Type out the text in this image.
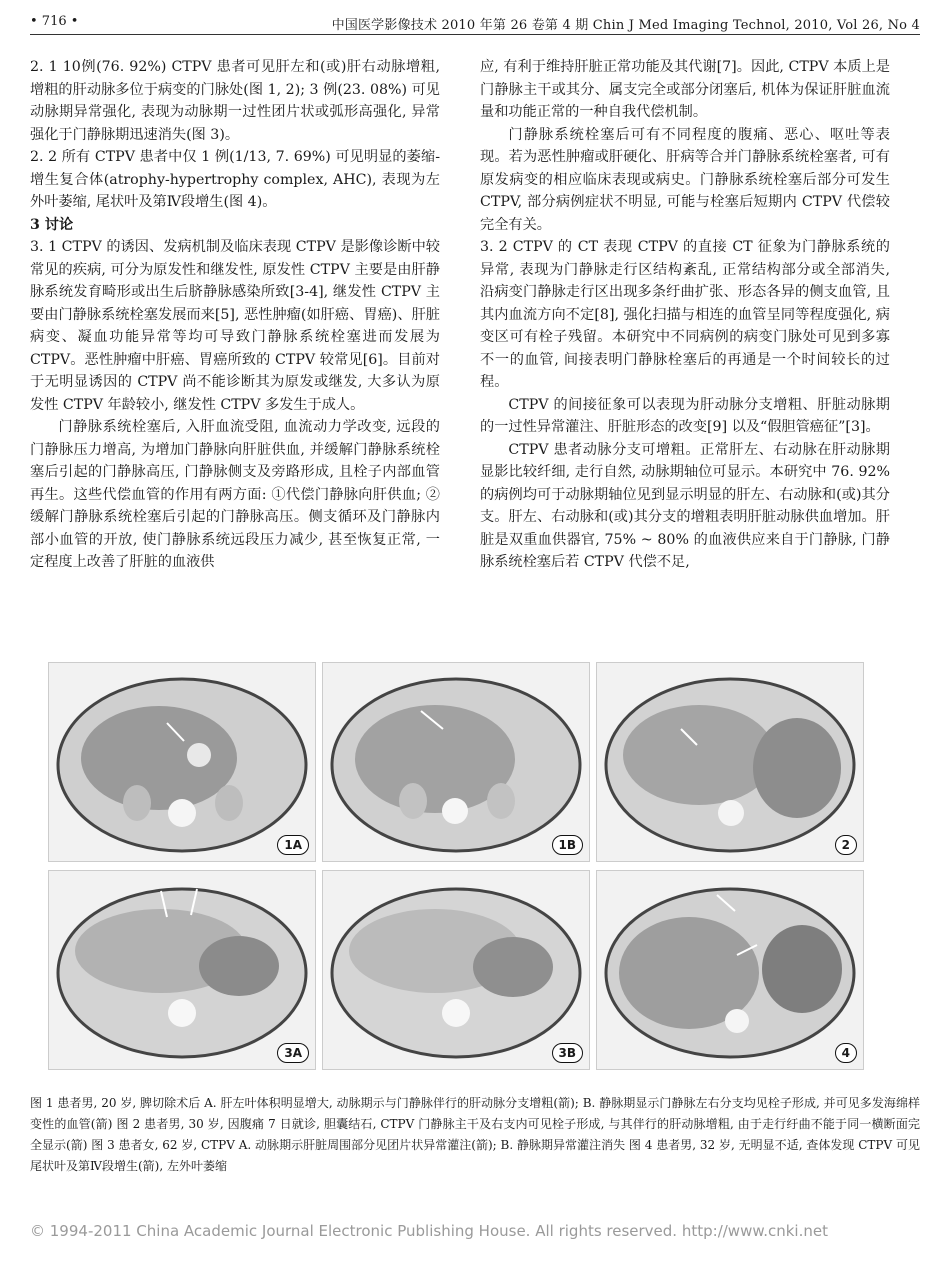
• 716 •	中国医学影像技术 2010 年第 26 卷第 4 期 Chin J Med Imaging Technol, 2010, Vol 26, No 4

2. 1 10例(76. 92%) CTPV 患者可见肝左和(或)肝右动脉增粗, 增粗的肝动脉多位于病变的门脉处(图 1, 2); 3 例(23. 08%) 可见动脉期异常强化, 表现为动脉期一过性团片状或弧形高强化, 异常强化于门静脉期迅速消失(图 3)。

2. 2 所有 CTPV 患者中仅 1 例(1/13, 7. 69%) 可见明显的萎缩-增生复合体(atrophy-hypertrophy complex, AHC), 表现为左外叶萎缩, 尾状叶及第Ⅳ段增生(图 4)。

3 讨论

3. 1 CTPV 的诱因、发病机制及临床表现 CTPV 是影像诊断中较常见的疾病, 可分为原发性和继发性, 原发性 CTPV 主要是由肝静脉系统发育畸形或出生后脐静脉感染所致[3-4], 继发性 CTPV 主要由门静脉系统栓塞发展而来[5], 恶性肿瘤(如肝癌、胃癌)、肝脏病变、凝血功能异常等均可导致门静脉系统栓塞进而发展为 CTPV。恶性肿瘤中肝癌、胃癌所致的 CTPV 较常见[6]。目前对于无明显诱因的 CTPV 尚不能诊断其为原发或继发, 大多认为原发性 CTPV 年龄较小, 继发性 CTPV 多发生于成人。

门静脉系统栓塞后, 入肝血流受阻, 血流动力学改变, 远段的门静脉压力增高, 为增加门静脉向肝脏供血, 并缓解门静脉系统栓塞后引起的门静脉高压, 门静脉侧支及旁路形成, 且栓子内部血管再生。这些代偿血管的作用有两方面: ①代偿门静脉向肝供血; ②缓解门静脉系统栓塞后引起的门静脉高压。侧支循环及门静脉内部小血管的开放, 使门静脉系统远段压力减少, 甚至恢复正常, 一定程度上改善了肝脏的血液供

应, 有利于维持肝脏正常功能及其代谢[7]。因此, CTPV 本质上是门静脉主干或其分、属支完全或部分闭塞后, 机体为保证肝脏血流量和功能正常的一种自我代偿机制。

门静脉系统栓塞后可有不同程度的腹痛、恶心、呕吐等表现。若为恶性肿瘤或肝硬化、肝病等合并门静脉系统栓塞者, 可有原发病变的相应临床表现或病史。门静脉系统栓塞后部分可发生 CTPV, 部分病例症状不明显, 可能与栓塞后短期内 CTPV 代偿较完全有关。

3. 2 CTPV 的 CT 表现 CTPV 的直接 CT 征象为门静脉系统的异常, 表现为门静脉走行区结构紊乱, 正常结构部分或全部消失, 沿病变门静脉走行区出现多条纡曲扩张、形态各异的侧支血管, 且其内血流方向不定[8], 强化扫描与相连的血管呈同等程度强化, 病变区可有栓子残留。本研究中不同病例的病变门脉处可见到多寡不一的血管, 间接表明门静脉栓塞后的再通是一个时间较长的过程。

CTPV 的间接征象可以表现为肝动脉分支增粗、肝脏动脉期的一过性异常灌注、肝脏形态的改变[9] 以及“假胆管癌征”[3]。

CTPV 患者动脉分支可增粗。正常肝左、右动脉在肝动脉期显影比较纤细, 走行自然, 动脉期轴位可显示。本研究中 76. 92% 的病例均可于动脉期轴位见到显示明显的肝左、右动脉和(或)其分支。肝左、右动脉和(或)其分支的增粗表明肝脏动脉供血增加。肝脏是双重血供器官, 75% ~ 80% 的血液供应来自于门静脉, 门静脉系统栓塞后若 CTPV 代偿不足,

1A	1B	2
3A	3B	4

图 1 患者男, 20 岁, 脾切除术后 A. 肝左叶体积明显增大, 动脉期示与门静脉伴行的肝动脉分支增粗(箭); B. 静脉期显示门静脉左右分支均见栓子形成, 并可见多发海绵样变性的血管(箭) 图 2 患者男, 30 岁, 因腹痛 7 日就诊, 胆囊结石, CTPV 门静脉主干及右支内可见栓子形成, 与其伴行的肝动脉增粗, 由于走行纡曲不能于同一横断面完全显示(箭) 图 3 患者女, 62 岁, CTPV A. 动脉期示肝脏周围部分见团片状异常灌注(箭); B. 静脉期异常灌注消失 图 4 患者男, 32 岁, 无明显不适, 查体发现 CTPV 可见尾状叶及第Ⅳ段增生(箭), 左外叶萎缩

© 1994-2011 China Academic Journal Electronic Publishing House. All rights reserved. http://www.cnki.net
